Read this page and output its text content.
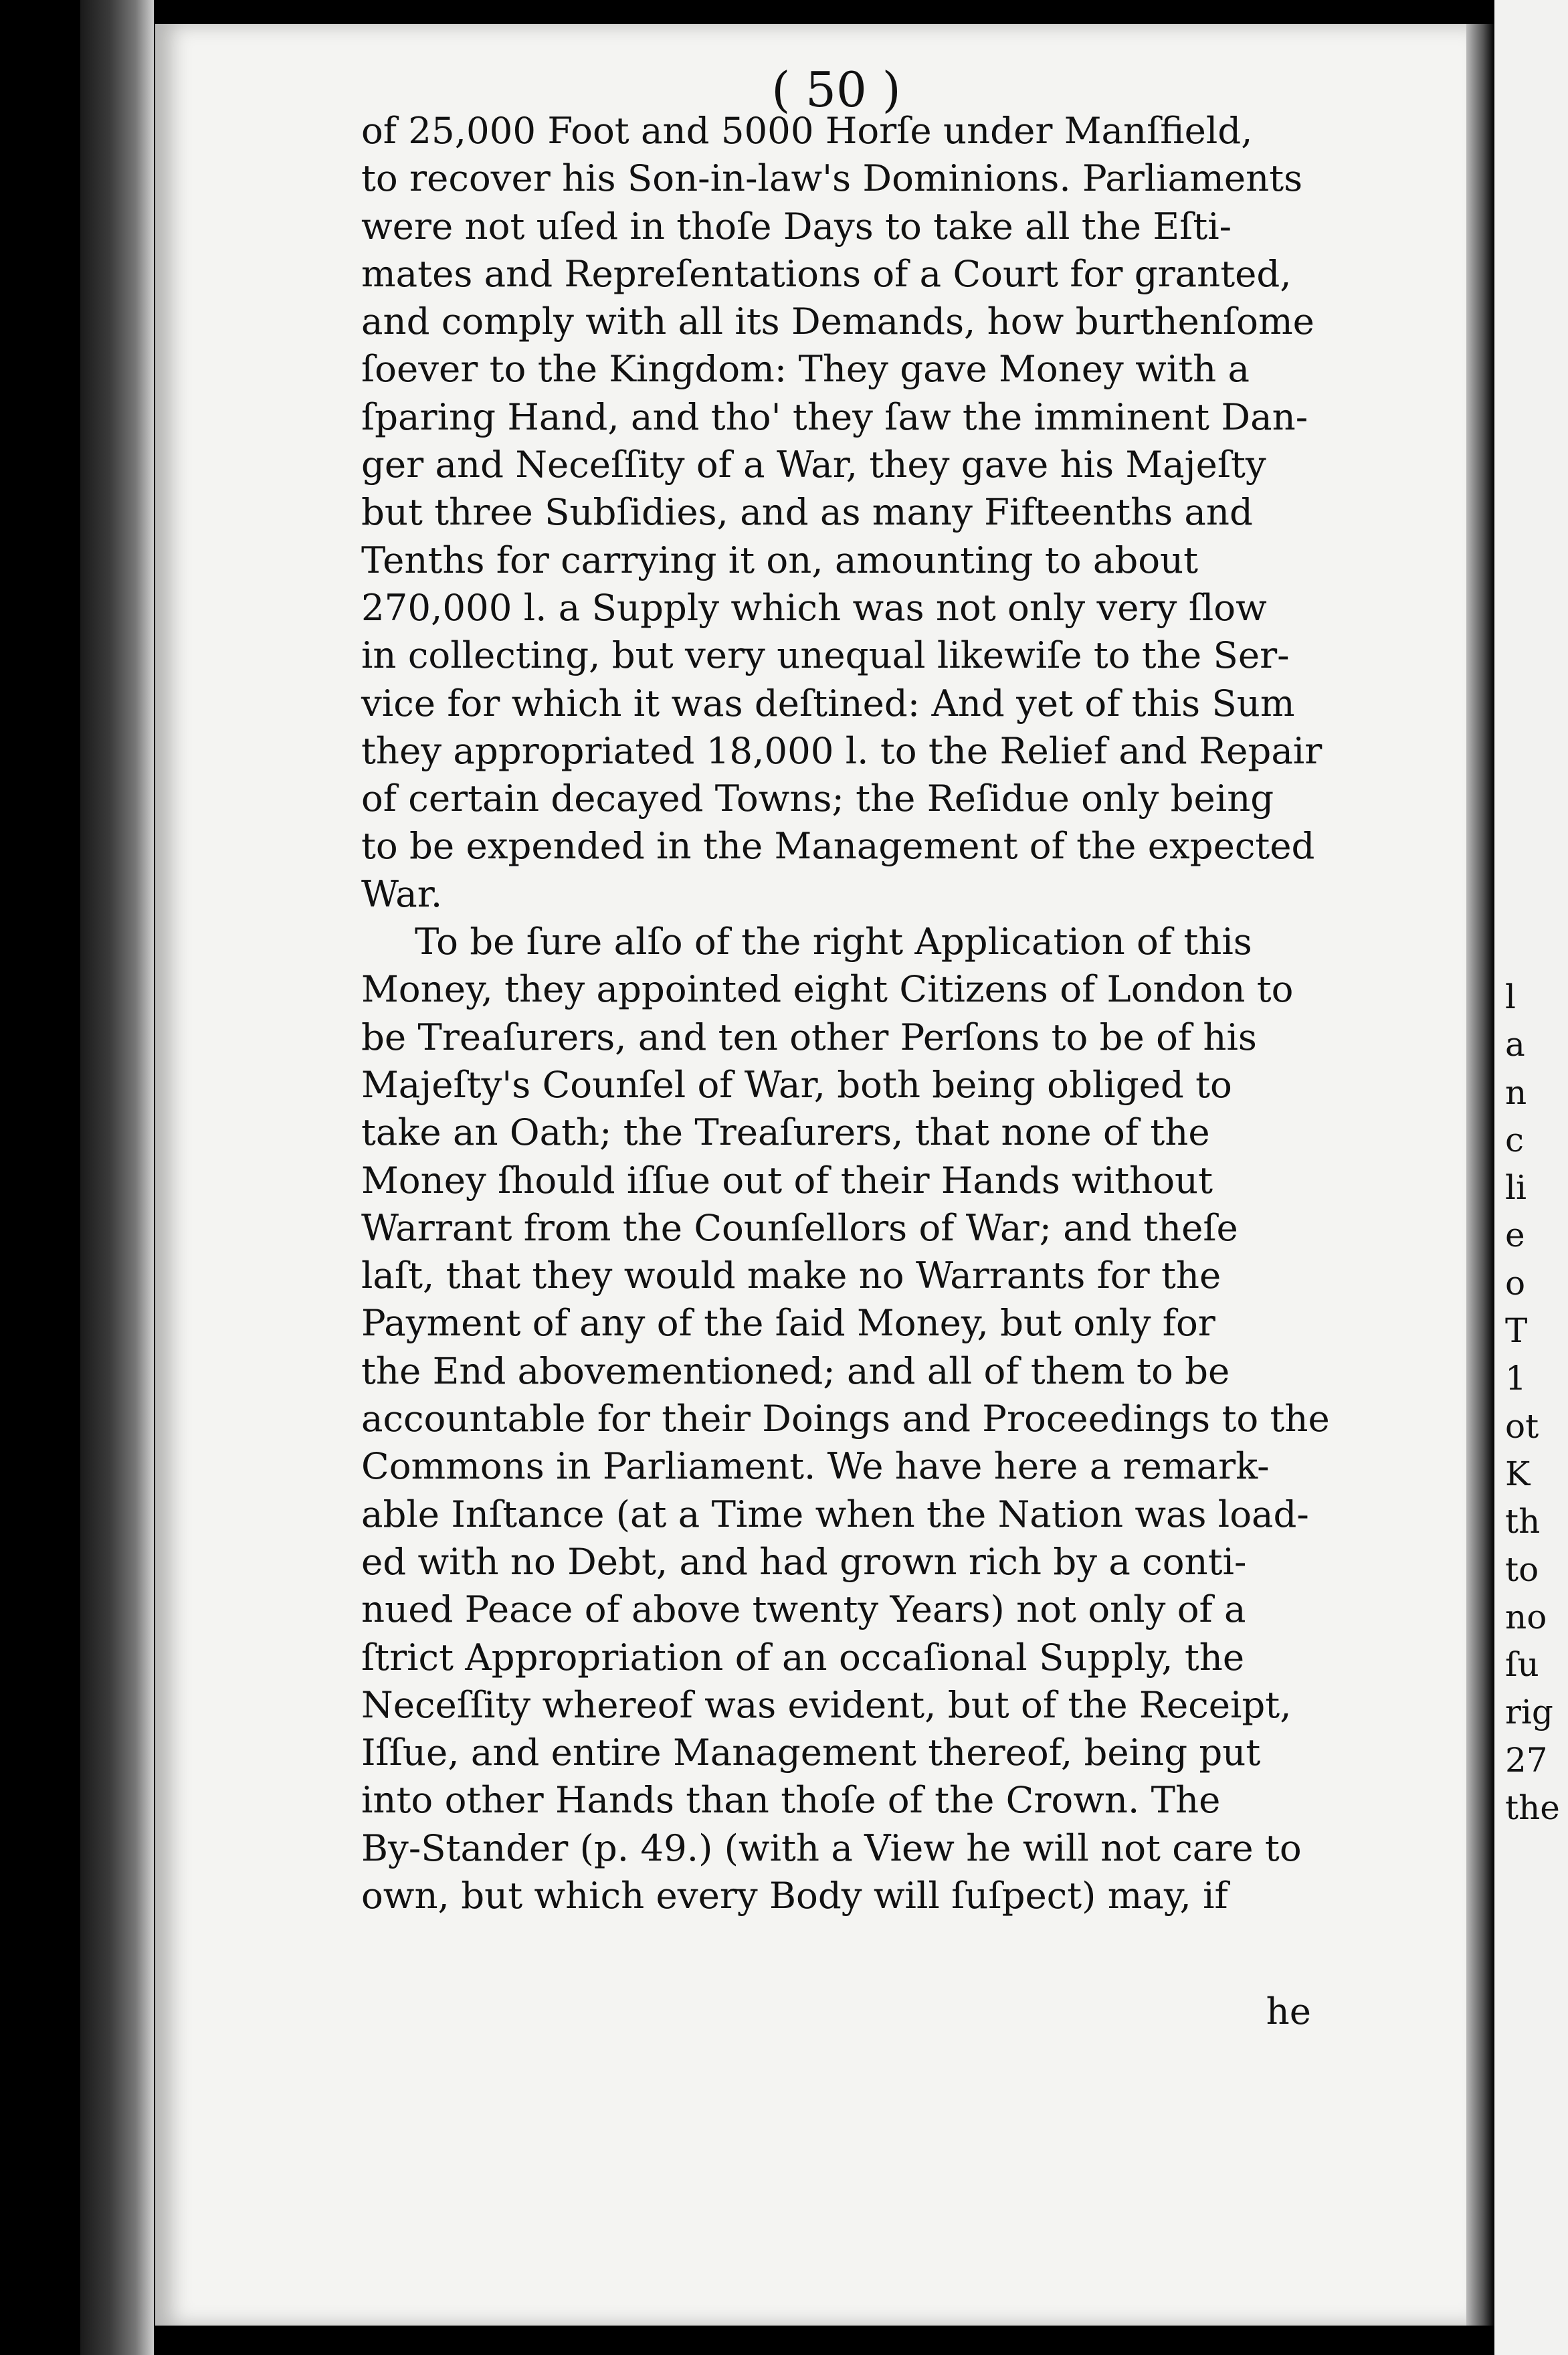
( 50 )
of 25,000 Foot and 5000 Horſe under Manſfield,
to recover his Son-in-law's Dominions. Parliaments
were not uſed in thoſe Days to take all the Eſti-
mates and Repreſentations of a Court for granted,
and comply with all its Demands, how burthenſome
ſoever to the Kingdom: They gave Money with a
ſparing Hand, and tho' they ſaw the imminent Dan-
ger and Neceſſity of a War, they gave his Majeſty
but three Subſidies, and as many Fifteenths and
Tenths for carrying it on, amounting to about
270,000 l. a Supply which was not only very ſlow
in collecting, but very unequal likewiſe to the Ser-
vice for which it was deſtined: And yet of this Sum
they appropriated 18,000 l. to the Relief and Repair
of certain decayed Towns; the Reſidue only being
to be expended in the Management of the expected
War.
To be ſure alſo of the right Application of this
Money, they appointed eight Citizens of London to
be Treaſurers, and ten other Perſons to be of his
Majeſty's Counſel of War, both being obliged to
take an Oath; the Treaſurers, that none of the
Money ſhould iſſue out of their Hands without
Warrant from the Counſellors of War; and theſe
laſt, that they would make no Warrants for the
Payment of any of the ſaid Money, but only for
the End abovementioned; and all of them to be
accountable for their Doings and Proceedings to the
Commons in Parliament. We have here a remark-
able Inſtance (at a Time when the Nation was load-
ed with no Debt, and had grown rich by a conti-
nued Peace of above twenty Years) not only of a
ſtrict Appropriation of an occaſional Supply, the
Neceſſity whereof was evident, but of the Receipt,
Iſſue, and entire Management thereof, being put
into other Hands than thoſe of the Crown. The
By-Stander (p. 49.) (with a View he will not care to
own, but which every Body will ſuſpect) may, if
he
l
a
n
c
li
e
o
T
1
ot
K
th
to
no
ſu
rig
27
the
